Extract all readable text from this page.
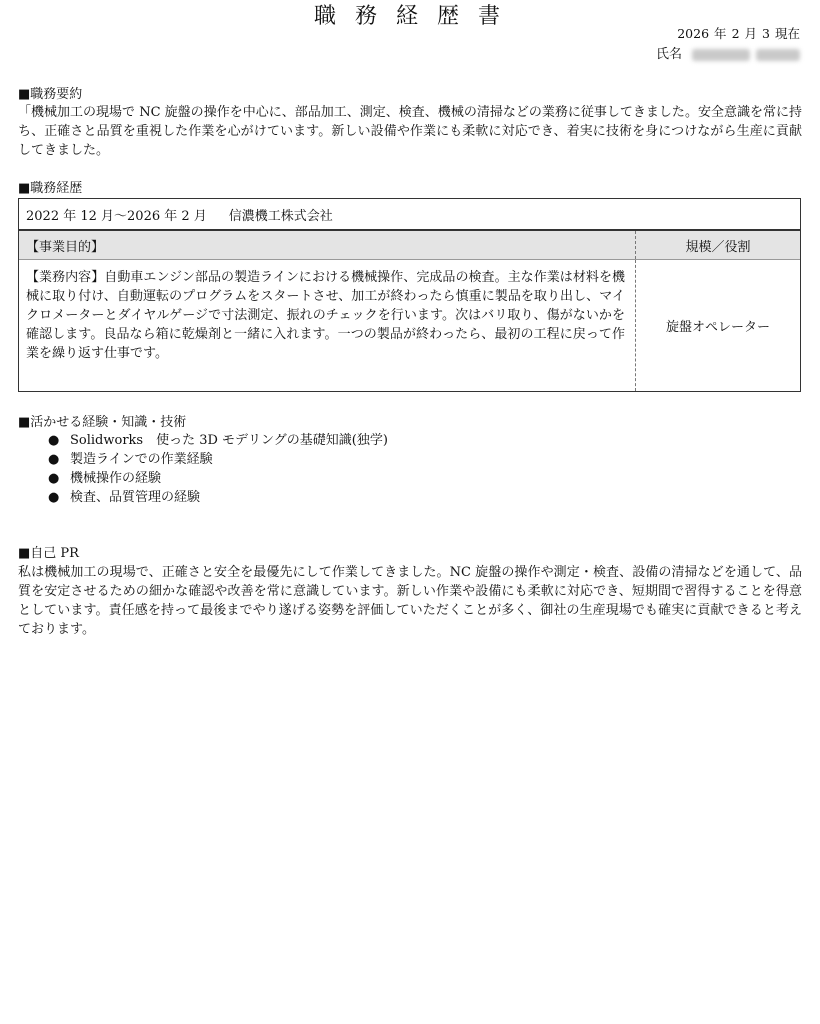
職 務 経 歴 書
2026 年 2 月 3 現在
氏名
■職務要約
「機械加工の現場で NC 旋盤の操作を中心に、部品加工、測定、検査、機械の清掃などの業務に従事してきました。安全意識を常に持ち、正確さと品質を重視した作業を心がけています。新しい設備や作業にも柔軟に対応でき、着実に技術を身につけながら生産に貢献してきました。
■職務経歴
2022 年 12 月～2026 年 2 月 信濃機工株式会社
【事業目的】	規模／役割
【業務内容】自動車エンジン部品の製造ラインにおける機械操作、完成品の検査。主な作業は材料を機械に取り付け、自動運転のプログラムをスタートさせ、加工が終わったら慎重に製品を取り出し、マイクロメーターとダイヤルゲージで寸法測定、振れのチェックを行います。次はバリ取り、傷がないかを確認します。良品なら箱に乾燥剤と一緒に入れます。一つの製品が終わったら、最初の工程に戻って作業を繰り返す仕事です。
旋盤オペレーター
■活かせる経験・知識・技術
● Solidworks　使った 3D モデリングの基礎知識(独学)
● 製造ラインでの作業経験
● 機械操作の経験
● 検査、品質管理の経験
■自己 PR
私は機械加工の現場で、正確さと安全を最優先にして作業してきました。NC 旋盤の操作や測定・検査、設備の清掃などを通して、品質を安定させるための細かな確認や改善を常に意識しています。新しい作業や設備にも柔軟に対応でき、短期間で習得することを得意としています。責任感を持って最後までやり遂げる姿勢を評価していただくことが多く、御社の生産現場でも確実に貢献できると考えております。
